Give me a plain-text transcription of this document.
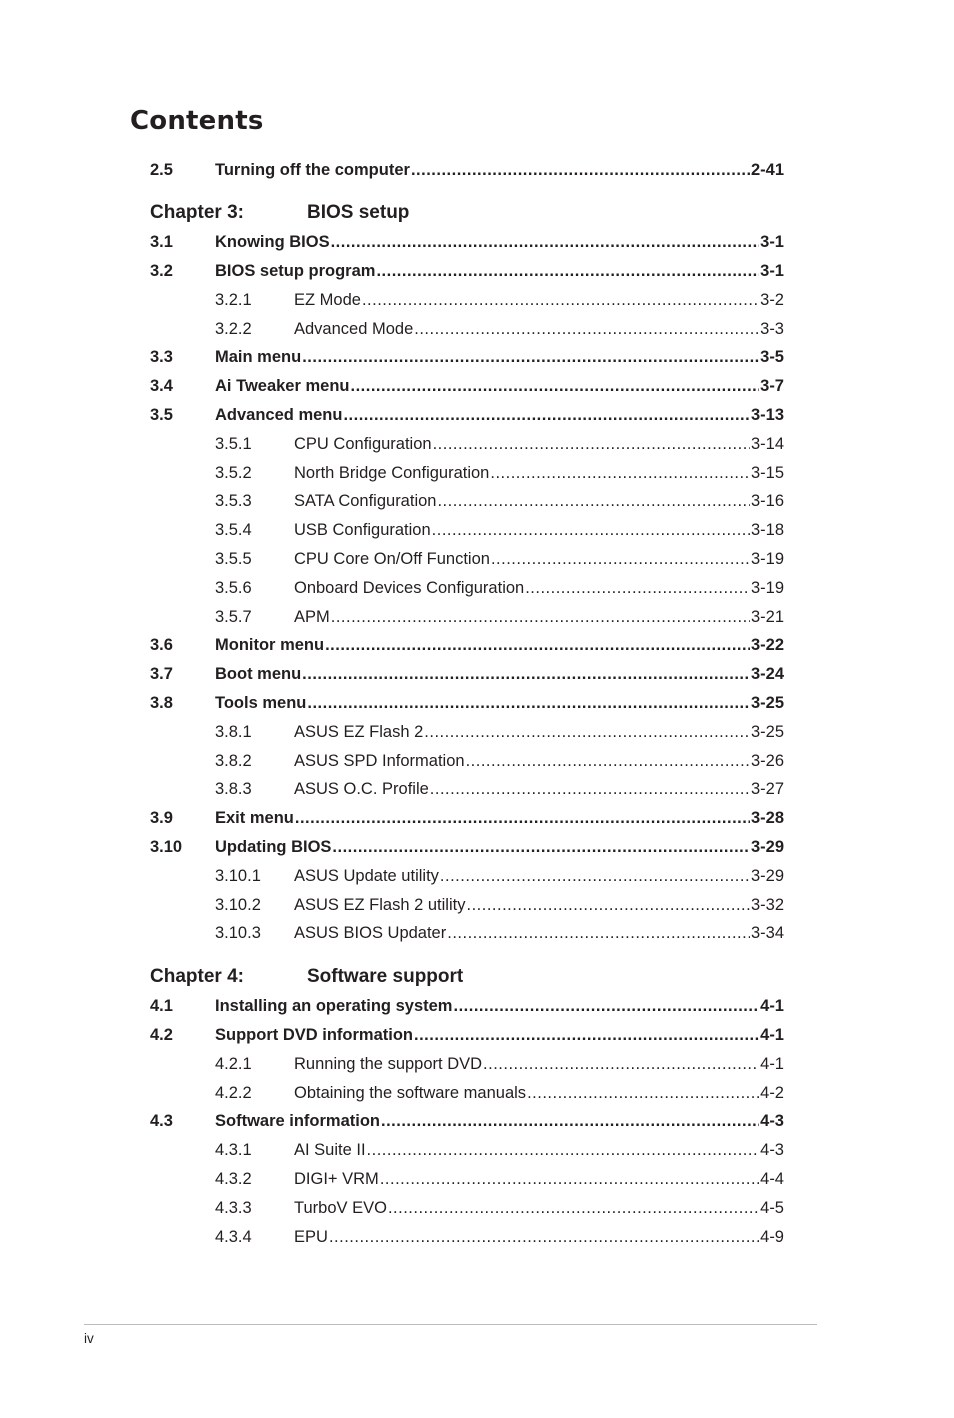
Contents
2.5	Turning off the computer .....	2-41
Chapter 3:	BIOS setup
3.1	Knowing BIOS .....	3-1
3.2	BIOS setup program .....	3-1
3.2.1	EZ Mode .....	3-2
3.2.2	Advanced Mode .....	3-3
3.3	Main menu .....	3-5
3.4	Ai Tweaker menu .....	3-7
3.5	Advanced menu .....	3-13
3.5.1	CPU Configuration .....	3-14
3.5.2	North Bridge Configuration .....	3-15
3.5.3	SATA Configuration .....	3-16
3.5.4	USB Configuration .....	3-18
3.5.5	CPU Core On/Off Function .....	3-19
3.5.6	Onboard Devices Configuration .....	3-19
3.5.7	APM .....	3-21
3.6	Monitor menu .....	3-22
3.7	Boot menu .....	3-24
3.8	Tools menu .....	3-25
3.8.1	ASUS EZ Flash 2 .....	3-25
3.8.2	ASUS SPD Information .....	3-26
3.8.3	ASUS O.C. Profile .....	3-27
3.9	Exit menu .....	3-28
3.10 Updating BIOS .....	3-29
3.10.1 ASUS Update utility .....	3-29
3.10.2 ASUS EZ Flash 2 utility .....	3-32
3.10.3 ASUS BIOS Updater .....	3-34
Chapter 4:	Software support
4.1	Installing an operating system .....	4-1
4.2	Support DVD information .....	4-1
4.2.1	Running the support DVD .....	4-1
4.2.2	Obtaining the software manuals .....	4-2
4.3	Software information .....	4-3
4.3.1	AI Suite II .....	4-3
4.3.2	DIGI+ VRM .....	4-4
4.3.3	TurboV EVO .....	4-5
4.3.4	EPU .....	4-9
iv
